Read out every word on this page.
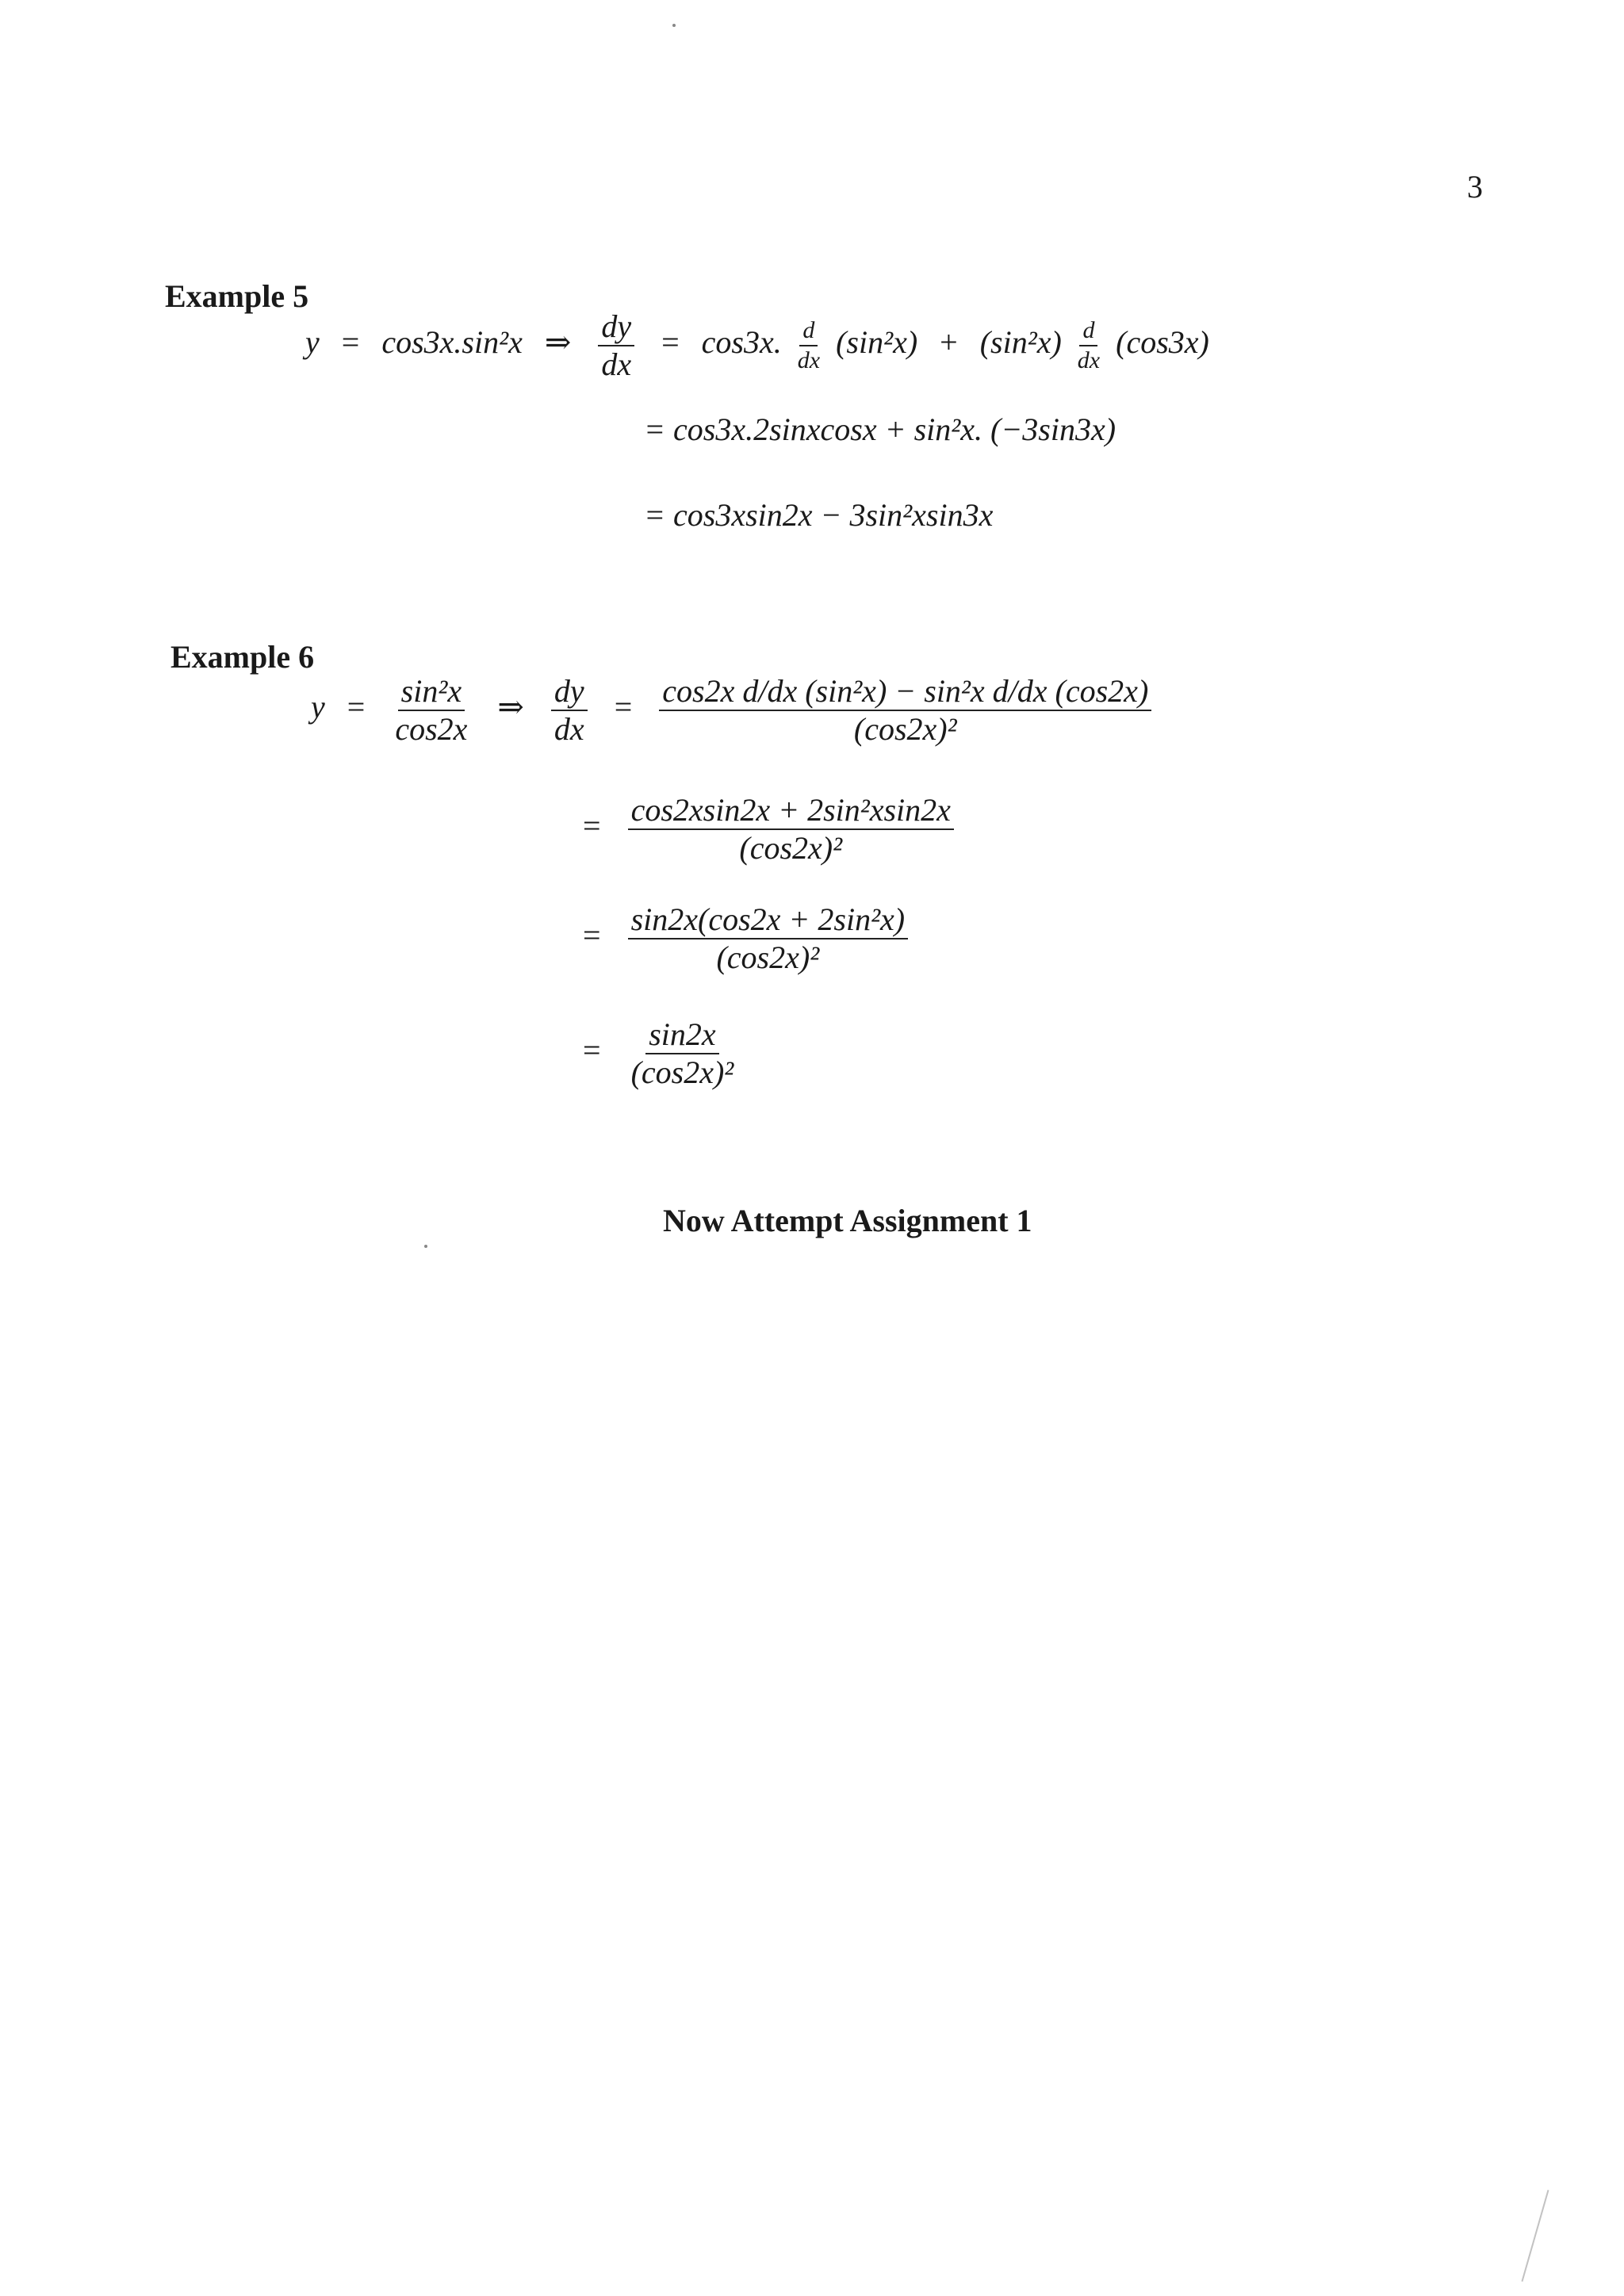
3
Example 5
y = cos3x.sin²x ⇒ $\frac{dy}{dx} = \cos 3x$. $\frac{d}{dx} (\sin^2x) + (\sin^2x) \frac{d}{dx} (\cos 3x)$
= cos3x.2sinxcosx + sin²x. (−3sin3x)
= cos3xsin2x − 3sin²xsin3x
Example 6
$y = \frac{\text{sin²x}}{\cos 2x}$ ⇒ $\frac{dy}{dx} = \frac{\text{cos2x d/dx (sin²x) − sin²x d/dx (cos2x)}}{\text{(cos2x)²}}$
= $\frac{\text{cos2xsin2x + 2sin²xsin2x}}{\text{(cos2x)²}}$
= $\frac{\text{sin2x(cos2x + 2sin²x)}}{\text{(cos2x)²}}$
= $\frac{\sin 2x}{\text{(cos2x)²}}$
Now Attempt Assignment 1
